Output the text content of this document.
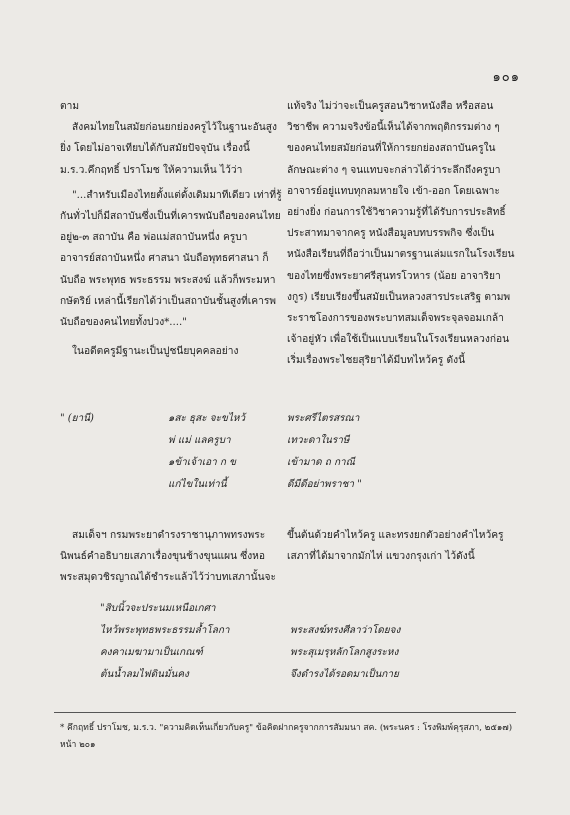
๑๐๑

ตาม

สังคมไทยในสมัยก่อนยกย่องครูไว้ในฐานะอันสูงยิ่ง โดยไม่อาจเทียบได้กับสมัยปัจจุบัน เรื่องนี้ ม.ร.ว.คึกฤทธิ์ ปราโมช ให้ความเห็น ไว้ว่า

"...สำหรับเมืองไทยตั้งแต่ดั้งเดิมมาทีเดียว เท่าที่รู้กันทั่วไปก็มีสถาบันซึ่งเป็นที่เคารพนับถือของคนไทยอยู่๒-๓ สถาบัน คือ พ่อแม่สถาบันหนึ่ง ครูบาอาจารย์สถาบันหนึ่ง ศาสนา นับถือพุทธศาสนา ก็นับถือ พระพุทธ พระธรรม พระสงฆ์ แล้วก็พระมหากษัตริย์ เหล่านี้เรียกได้ว่าเป็นสถาบันชั้นสูงที่เคารพนับถือของคนไทยทั้งปวง*...."

ในอดีตครูมีฐานะเป็นปูชนียบุคคลอย่าง

แท้จริง ไม่ว่าจะเป็นครูสอนวิชาหนังสือ หรือสอนวิชาชีพ ความจริงข้อนี้เห็นได้จากพฤติกรรมต่าง ๆ ของคนไทยสมัยก่อนที่ให้การยกย่องสถาบันครูในลักษณะต่าง ๆ จนแทบจะกล่าวได้ว่าระลึกถึงครูบาอาจารย์อยู่แทบทุกลมหายใจ เข้า-ออก โดยเฉพาะอย่างยิ่ง ก่อนการใช้วิชาความรู้ที่ได้รับการประสิทธิ์ประสาทมาจากครู หนังสือมูลบทบรรพกิจ ซึ่งเป็นหนังสือเรียนที่ถือว่าเป็นมาตรฐานเล่มแรกในโรงเรียนของไทยซึ่งพระยาศรีสุนทรโวหาร (น้อย อาจาริยางกูร) เรียบเรียงขึ้นสมัยเป็นหลวงสารประเสริฐ ตามพระราชโองการของพระบาทสมเด็จพระจุลจอมเกล้าเจ้าอยู่หัว เพื่อใช้เป็นแบบเรียนในโรงเรียนหลวงก่อนเริ่มเรื่องพระไชยสุริยาได้มีบทไหว้ครู ดังนี้

" (ยานี)	๑สะ ธุสะ จะขไหว้
พ่ แม่ แลครูบา
๑ข้าเจ้าเอา ก ข
แก่ไขในเท่านี้
พระศรีไตรสรณา
เทวะดาในราษี
เข้ามาด ถ กาณี
ดีมีดีอย่าพราชา "

สมเด็จฯ กรมพระยาดำรงราชานุภาพทรงพระนิพนธ์คำอธิบายเสภาเรื่องขุนช้างขุนแผน ซึ่งหอพระสมุดวชิรญาณได้ชำระแล้วไว้ว่าบทเสภานั้นจะ

ขึ้นต้นด้วยคำไหว้ครู และทรงยกตัวอย่างคำไหว้ครูเสภาที่ได้มาจากมักไห่ แขวงกรุงเก่า ไว้ดังนี้

"สิบนิ้วจะประนมเหนือเกศา
ไหว้พระพุทธพระธรรมล้ำโลกา
คงคาเมฆามาเป็นเกณฑ์
ต้นน้ำลมไฟดินมั่นคง
พระสงฆ์ทรงศีลาว่าโดยจง
พระสุเมรุหลักโลกสูงระหง
จึงดำรงได้รอดมาเป็นกาย
* คึกฤทธิ์ ปราโมช, ม.ร.ว. "ความคิดเห็นเกี่ยวกับครู" ข้อคิดฝากครูจากการสัมมนา สค. (พระนคร : โรงพิมพ์คุรุสภา, ๒๕๑๗) หน้า ๒๐๑
